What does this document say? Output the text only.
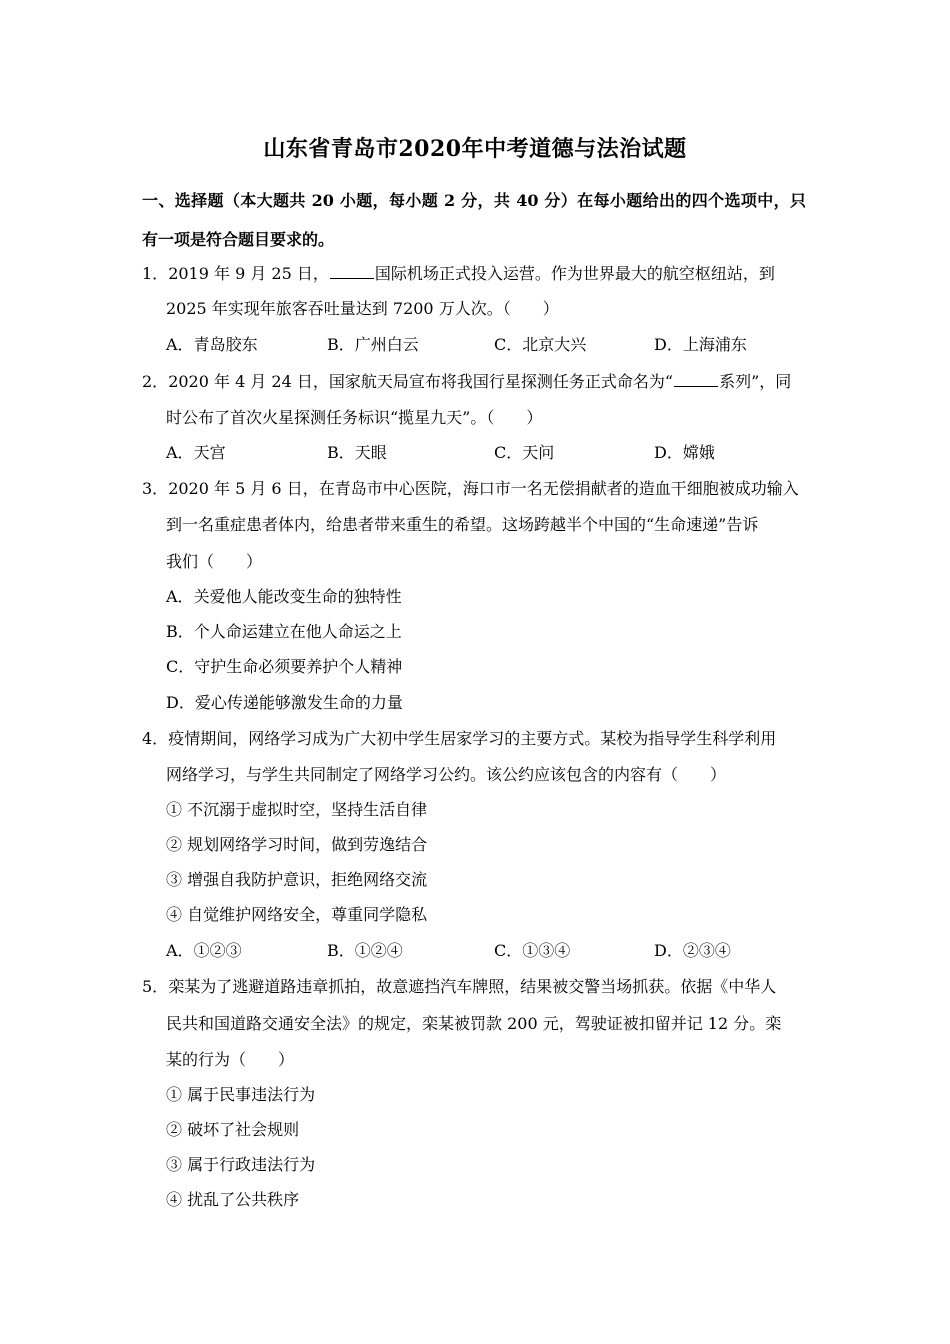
山东省青岛市2020年中考道德与法治试题
一、选择题（本大题共 20 小题，每小题 2 分，共 40 分）在每小题给出的四个选项中，只
有一项是符合题目要求的。
1．2019 年 9 月 25 日，	国际机场正式投入运营。作为世界最大的航空枢纽站，到
2025 年实现年旅客吞吐量达到 7200 万人次。（　　）
A．青岛胶东	B．广州白云	C．北京大兴	D．上海浦东
2．2020 年 4 月 24 日，国家航天局宣布将我国行星探测任务正式命名为“	系列”，同
时公布了首次火星探测任务标识“揽星九天”。（　　）
A．天宫	B．天眼	C．天问	D．嫦娥
3．2020 年 5 月 6 日，在青岛市中心医院，海口市一名无偿捐献者的造血干细胞被成功输入
到一名重症患者体内，给患者带来重生的希望。这场跨越半个中国的“生命速递”告诉
我们（　　）
A．关爱他人能改变生命的独特性
B．个人命运建立在他人命运之上
C．守护生命必须要养护个人精神
D．爱心传递能够激发生命的力量
4．疫情期间，网络学习成为广大初中学生居家学习的主要方式。某校为指导学生科学利用
网络学习，与学生共同制定了网络学习公约。该公约应该包含的内容有（　　）
① 不沉溺于虚拟时空，坚持生活自律
② 规划网络学习时间，做到劳逸结合
③ 增强自我防护意识，拒绝网络交流
④ 自觉维护网络安全，尊重同学隐私
A．①②③	B．①②④	C．①③④	D．②③④
5．栾某为了逃避道路违章抓拍，故意遮挡汽车牌照，结果被交警当场抓获。依据《中华人
民共和国道路交通安全法》的规定，栾某被罚款 200 元，驾驶证被扣留并记 12 分。栾
某的行为（　　）
① 属于民事违法行为
② 破坏了社会规则
③ 属于行政违法行为
④ 扰乱了公共秩序
